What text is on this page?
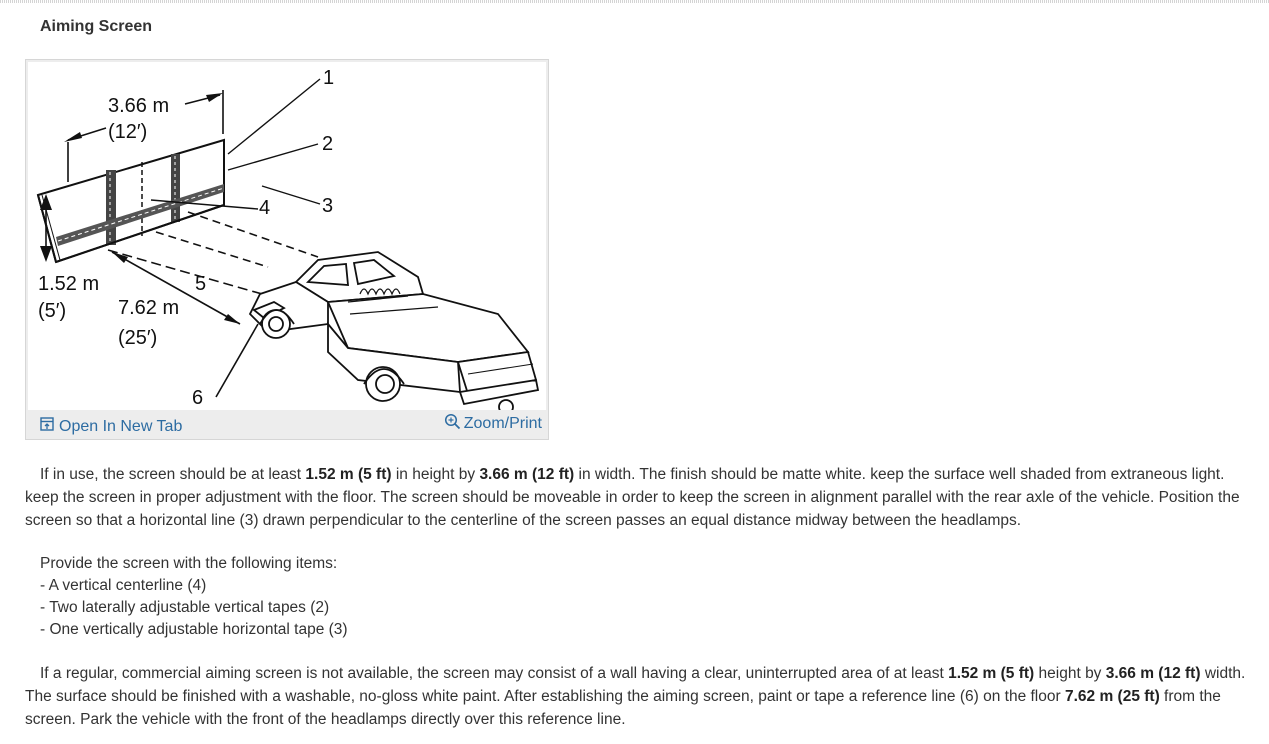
Aiming Screen
3.66 m
(12′)
1.52 m
(5′)	7.62 m
(25′)
1
2
3
4
5
6
Open In New Tab	Zoom/Print
If in use, the screen should be at least 1.52 m (5 ft) in height by 3.66 m (12 ft) in width. The finish should be matte white. keep the surface well shaded from extraneous light. keep the screen in proper adjustment with the floor. The screen should be moveable in order to keep the screen in alignment parallel with the rear axle of the vehicle. Position the screen so that a horizontal line (3) drawn perpendicular to the centerline of the screen passes an equal distance midway between the headlamps.
Provide the screen with the following items:
- A vertical centerline (4)
- Two laterally adjustable vertical tapes (2)
- One vertically adjustable horizontal tape (3)
If a regular, commercial aiming screen is not available, the screen may consist of a wall having a clear, uninterrupted area of at least 1.52 m (5 ft) height by 3.66 m (12 ft) width. The surface should be finished with a washable, no-gloss white paint. After establishing the aiming screen, paint or tape a reference line (6) on the floor 7.62 m (25 ft) from the screen. Park the vehicle with the front of the headlamps directly over this reference line.
